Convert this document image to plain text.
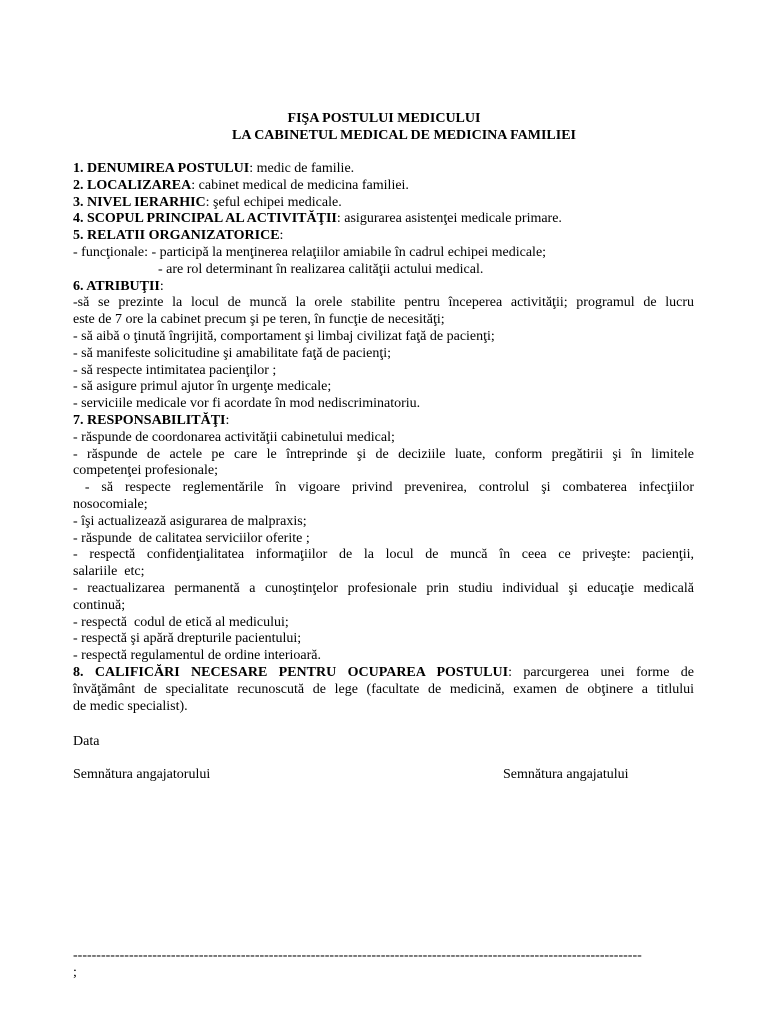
FIŞA POSTULUI MEDICULUI
LA CABINETUL MEDICAL DE MEDICINA FAMILIEI
1. DENUMIREA POSTULUI: medic de familie.
2. LOCALIZAREA: cabinet medical de medicina familiei.
3. NIVEL IERARHIC: şeful echipei medicale.
4. SCOPUL PRINCIPAL AL ACTIVITĂŢII: asigurarea asistenţei medicale primare.
5. RELATII ORGANIZATORICE:
- funcţionale: - participă la menţinerea relaţiilor amiabile în cadrul echipei medicale;
- are rol determinant în realizarea calităţii actului medical.
6. ATRIBUŢII:
-să se prezinte la locul de muncă la orele stabilite pentru începerea activităţii; programul de lucru
este de 7 ore la cabinet precum şi pe teren, în funcţie de necesităţi;
- să aibă o ţinută îngrijită, comportament şi limbaj civilizat faţă de pacienţi;
- să manifeste solicitudine şi amabilitate faţă de pacienţi;
- să respecte intimitatea pacienţilor ;
- să asigure primul ajutor în urgenţe medicale;
- serviciile medicale vor fi acordate în mod nediscriminatoriu.
7. RESPONSABILITĂŢI:
- răspunde de coordonarea activităţii cabinetului medical;
- răspunde de actele pe care le întreprinde şi de deciziile luate, conform pregătirii şi în limitele
competenţei profesionale;
- să respecte reglementările în vigoare privind prevenirea, controlul şi combaterea infecţiilor
nosocomiale;
- îşi actualizează asigurarea de malpraxis;
- răspunde  de calitatea serviciilor oferite ;
- respectă confidenţialitatea informaţiilor de la locul de muncă în ceea ce priveşte: pacienţii,
salariile  etc;
- reactualizarea permanentă a cunoştinţelor profesionale prin studiu individual şi educaţie medicală
continuă;
- respectă  codul de etică al medicului;
- respectă şi apără drepturile pacientului;
- respectă regulamentul de ordine interioară.
8. CALIFICĂRI NECESARE PENTRU OCUPAREA POSTULUI: parcurgerea unei forme de
învăţământ de specialitate recunoscută de lege (facultate de medicină, examen de obţinere a titlului
de medic specialist).
Data
Semnătura angajatorului	Semnătura angajatului
--------------------------------------------------------------------------------------------------------------------------
;
